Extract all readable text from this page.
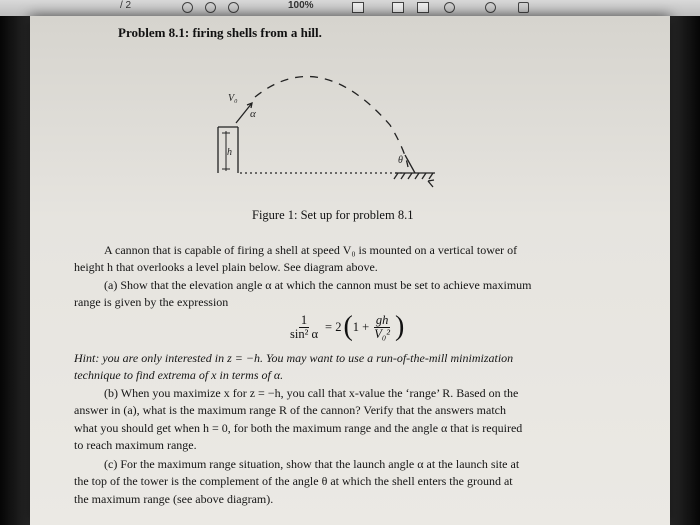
/ 2	100%
Problem 8.1: firing shells from a hill.
V₀
α
h
θ
Figure 1: Set up for problem 8.1

A cannon that is capable of firing a shell at speed V₀ is mounted on a vertical tower of

height h that overlooks a level plain below. See diagram above.

(a) Show that the elevation angle α at which the cannon must be set to achieve maximum

range is given by the expression

$\frac{1}{\text{sin² α}} = 2$ ( $1 + \frac{gh}{\text{V₀²}}$ )

Hint: you are only interested in z = −h. You may want to use a run-of-the-mill minimization

technique to find extrema of x in terms of α.

(b) When you maximize x for z = −h, you call that x-value the ‘range’ R. Based on the

answer in (a), what is the maximum range R of the cannon? Verify that the answers match

what you should get when h = 0, for both the maximum range and the angle α that is required

to reach maximum range.

(c) For the maximum range situation, show that the launch angle α at the launch site at

the top of the tower is the complement of the angle θ at which the shell enters the ground at

the maximum range (see above diagram).
